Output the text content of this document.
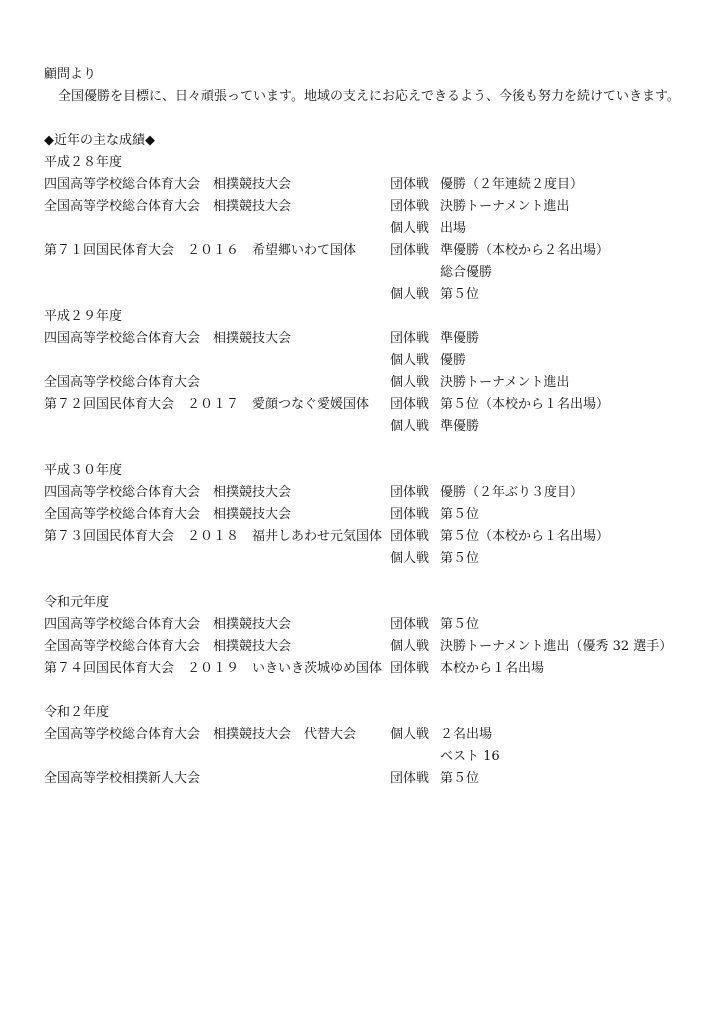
顧問より
全国優勝を目標に、日々頑張っています。地域の支えにお応えできるよう、今後も努力を続けていきます。
◆近年の主な成績◆
平成２８年度
四国高等学校総合体育大会　相撲競技大会	団体戦 優勝（２年連続２度目）
全国高等学校総合体育大会　相撲競技大会	団体戦 決勝トーナメント進出
個人戦 出場
第７１回国民体育大会　２０１６　希望郷いわて国体	団体戦 準優勝（本校から２名出場）
総合優勝
個人戦 第５位
平成２９年度
四国高等学校総合体育大会　相撲競技大会	団体戦 準優勝
個人戦 優勝
全国高等学校総合体育大会	個人戦 決勝トーナメント進出
第７２回国民体育大会　２０１７　愛顔つなぐ愛媛国体 団体戦 第５位（本校から１名出場）
個人戦 準優勝
平成３０年度
四国高等学校総合体育大会　相撲競技大会	団体戦 優勝（２年ぶり３度目）
全国高等学校総合体育大会　相撲競技大会	団体戦 第５位
第７３回国民体育大会　２０１８　福井しあわせ元気国体 団体戦 第５位（本校から１名出場）
個人戦 第５位
令和元年度
四国高等学校総合体育大会　相撲競技大会	団体戦 第５位
全国高等学校総合体育大会　相撲競技大会	個人戦 決勝トーナメント進出（優秀 32 選手）
第７４回国民体育大会　２０１９　いきいき茨城ゆめ国体 団体戦 本校から１名出場
令和２年度
全国高等学校総合体育大会　相撲競技大会　代替大会	個人戦 ２名出場
ベスト 16
全国高等学校相撲新人大会	団体戦 第５位
